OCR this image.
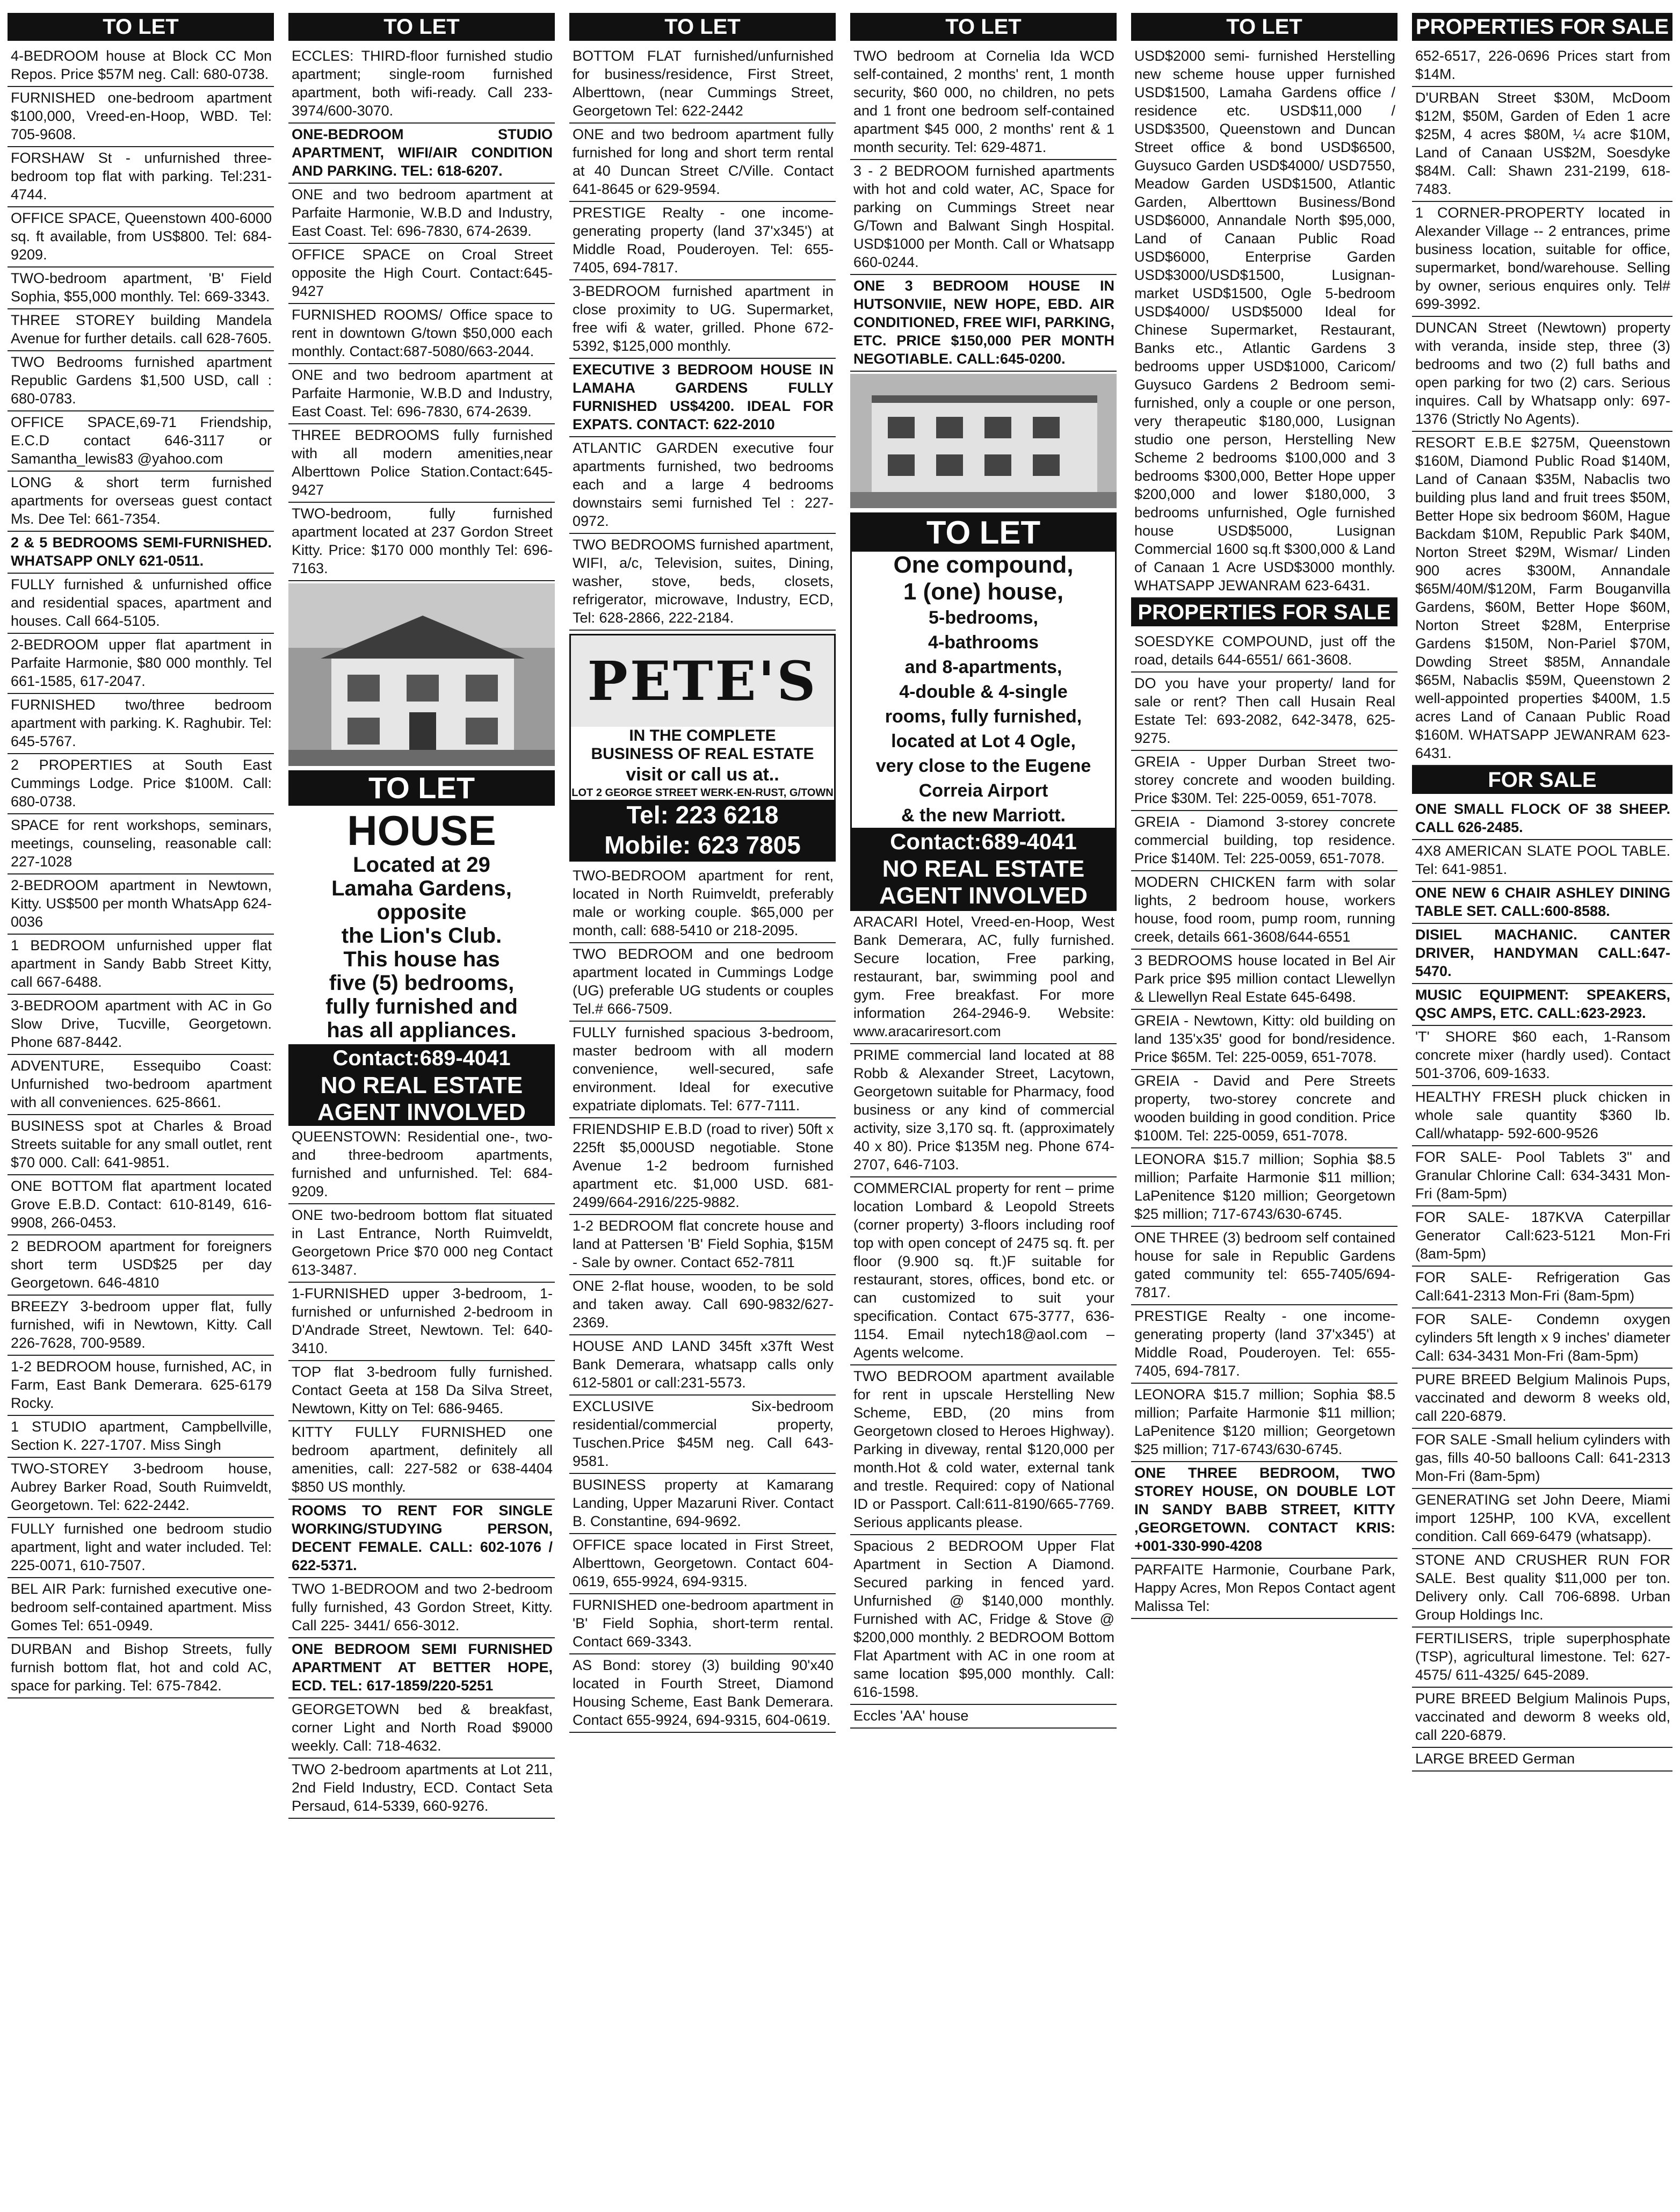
TO LET
4-BEDROOM house at Block CC Mon Repos. Price $57M neg. Call: 680-0738.
FURNISHED one-bedroom apartment $100,000, Vreed-en-Hoop, WBD. Tel: 705-9608.
FORSHAW St - unfurnished three-bedroom top flat with parking. Tel:231-4744.
OFFICE SPACE, Queenstown 400-6000 sq. ft available, from US$800. Tel: 684-9209.
TWO-bedroom apartment, 'B' Field Sophia, $55,000 monthly. Tel: 669-3343.
THREE STOREY building Mandela Avenue for further details. call 628-7605.
TWO Bedrooms furnished apartment Republic Gardens $1,500 USD, call : 680-0783.
OFFICE SPACE,69-71 Friendship, E.C.D contact 646-3117 or Samantha_lewis83 @yahoo.com
LONG & short term furnished apartments for overseas guest contact Ms. Dee Tel: 661-7354.
2 & 5 BEDROOMS SEMI-FURNISHED. WHATSAPP ONLY 621-0511.
FULLY furnished & unfurnished office and residential spaces, apartment and houses. Call 664-5105.
2-BEDROOM upper flat apartment in Parfaite Harmonie, $80 000 monthly. Tel 661-1585, 617-2047.
FURNISHED two/three bedroom apartment with parking. K. Raghubir. Tel: 645-5767.
2 PROPERTIES at South East Cummings Lodge. Price $100M. Call: 680-0738.
SPACE for rent workshops, seminars, meetings, counseling, reasonable call: 227-1028
2-BEDROOM apartment in Newtown, Kitty. US$500 per month WhatsApp 624-0036
1 BEDROOM unfurnished upper flat apartment in Sandy Babb Street Kitty, call 667-6488.
3-BEDROOM apartment with AC in Go Slow Drive, Tucville, Georgetown. Phone 687-8442.
ADVENTURE, Essequibo Coast: Unfurnished two-bedroom apartment with all conveniences. 625-8661.
BUSINESS spot at Charles & Broad Streets suitable for any small outlet, rent $70 000. Call: 641-9851.
ONE BOTTOM flat apartment located Grove E.B.D. Contact: 610-8149, 616-9908, 266-0453.
2 BEDROOM apartment for foreigners short term USD$25 per day Georgetown. 646-4810
BREEZY 3-bedroom upper flat, fully furnished, wifi in Newtown, Kitty. Call 226-7628, 700-9589.
1-2 BEDROOM house, furnished, AC, in Farm, East Bank Demerara. 625-6179 Rocky.
1 STUDIO apartment, Campbellville, Section K. 227-1707. Miss Singh
TWO-STOREY 3-bedroom house, Aubrey Barker Road, South Ruimveldt, Georgetown. Tel: 622-2442.
FULLY furnished one bedroom studio apartment, light and water included. Tel: 225-0071, 610-7507.
BEL AIR Park: furnished executive one-bedroom self-contained apartment. Miss Gomes Tel: 651-0949.
DURBAN and Bishop Streets, fully furnish bottom flat, hot and cold AC, space for parking. Tel: 675-7842.
TO LET
ECCLES: THIRD-floor furnished studio apartment; single-room furnished apartment, both wifi-ready. Call 233-3974/600-3070.
ONE-BEDROOM STUDIO APARTMENT, WIFI/AIR CONDITION AND PARKING. TEL: 618-6207.
ONE and two bedroom apartment at Parfaite Harmonie, W.B.D and Industry, East Coast. Tel: 696-7830, 674-2639.
OFFICE SPACE on Croal Street opposite the High Court. Contact:645-9427
FURNISHED ROOMS/ Office space to rent in downtown G/town $50,000 each monthly. Contact:687-5080/663-2044.
ONE and two bedroom apartment at Parfaite Harmonie, W.B.D and Industry, East Coast. Tel: 696-7830, 674-2639.
THREE BEDROOMS fully furnished with all modern amenities,near Alberttown Police Station.Contact:645-9427
TWO-bedroom, fully furnished apartment located at 237 Gordon Street Kitty. Price: $170 000 monthly Tel: 696-7163.
TO LET
HOUSE
Located at 29
Lamaha Gardens,
opposite
the Lion's Club.
This house has
five (5) bedrooms,
fully furnished and
has all appliances.
Contact:689-4041
NO REAL ESTATE
AGENT INVOLVED
QUEENSTOWN: Residential one-, two- and three-bedroom apartments, furnished and unfurnished. Tel: 684-9209.
ONE two-bedroom bottom flat situated in Last Entrance, North Ruimveldt, Georgetown Price $70 000 neg Contact 613-3487.
1-FURNISHED upper 3-bedroom, 1-furnished or unfurnished 2-bedroom in D'Andrade Street, Newtown. Tel: 640-3410.
TOP flat 3-bedroom fully furnished. Contact Geeta at 158 Da Silva Street, Newtown, Kitty on Tel: 686-9465.
KITTY FULLY FURNISHED one bedroom apartment, definitely all amenities, call: 227-582 or 638-4404 $850 US monthly.
ROOMS TO RENT FOR SINGLE WORKING/STUDYING PERSON, DECENT FEMALE. CALL: 602-1076 / 622-5371.
TWO 1-BEDROOM and two 2-bedroom fully furnished, 43 Gordon Street, Kitty. Call 225- 3441/ 656-3012.
ONE BEDROOM SEMI FURNISHED APARTMENT AT BETTER HOPE, ECD. TEL: 617-1859/220-5251
GEORGETOWN bed & breakfast, corner Light and North Road $9000 weekly. Call: 718-4632.
TWO 2-bedroom apartments at Lot 211, 2nd Field Industry, ECD. Contact Seta Persaud, 614-5339, 660-9276.
TO LET
BOTTOM FLAT furnished/unfurnished for business/residence, First Street, Alberttown, (near Cummings Street, Georgetown Tel: 622-2442
ONE and two bedroom apartment fully furnished for long and short term rental at 40 Duncan Street C/Ville. Contact 641-8645 or 629-9594.
PRESTIGE Realty - one income-generating property (land 37'x345') at Middle Road, Pouderoyen. Tel: 655-7405, 694-7817.
3-BEDROOM furnished apartment in close proximity to UG. Supermarket, free wifi & water, grilled. Phone 672-5392, $125,000 monthly.
EXECUTIVE 3 BEDROOM HOUSE IN LAMAHA GARDENS FULLY FURNISHED US$4200. IDEAL FOR EXPATS. CONTACT: 622-2010
ATLANTIC GARDEN executive four apartments furnished, two bedrooms each and a large 4 bedrooms downstairs semi furnished Tel : 227-0972.
TWO BEDROOMS furnished apartment, WIFI, a/c, Television, suites, Dining, washer, stove, beds, closets, refrigerator, microwave, Industry, ECD, Tel: 628-2866, 222-2184.
PETE'S
IN THE COMPLETE
BUSINESS OF REAL ESTATE
visit or call us at..
LOT 2 GEORGE STREET WERK-EN-RUST, G/TOWN
Tel: 223 6218
Mobile: 623 7805
TWO-BEDROOM apartment for rent, located in North Ruimveldt, preferably male or working couple. $65,000 per month, call: 688-5410 or 218-2095.
TWO BEDROOM and one bedroom apartment located in Cummings Lodge (UG) preferable UG students or couples Tel.# 666-7509.
FULLY furnished spacious 3-bedroom, master bedroom with all modern convenience, well-secured, safe environment. Ideal for executive expatriate diplomats. Tel: 677-7111.
FRIENDSHIP E.B.D (road to river) 50ft x 225ft $5,000USD negotiable. Stone Avenue 1-2 bedroom furnished apartment etc. $1,000 USD. 681-2499/664-2916/225-9882.
1-2 BEDROOM flat concrete house and land at Pattersen 'B' Field Sophia, $15M - Sale by owner. Contact 652-7811
ONE 2-flat house, wooden, to be sold and taken away. Call 690-9832/627-2369.
HOUSE AND LAND 345ft x37ft West Bank Demerara, whatsapp calls only 612-5801 or call:231-5573.
EXCLUSIVE Six-bedroom residential/commercial property, Tuschen.Price $45M neg. Call 643-9581.
BUSINESS property at Kamarang Landing, Upper Mazaruni River. Contact B. Constantine, 694-9692.
OFFICE space located in First Street, Alberttown, Georgetown. Contact 604-0619, 655-9924, 694-9315.
FURNISHED one-bedroom apartment in 'B' Field Sophia, short-term rental. Contact 669-3343.
AS Bond: storey (3) building 90'x40 located in Fourth Street, Diamond Housing Scheme, East Bank Demerara. Contact 655-9924, 694-9315, 604-0619.
TO LET
TWO bedroom at Cornelia Ida WCD self-contained, 2 months' rent, 1 month security, $60 000, no children, no pets and 1 front one bedroom self-contained apartment $45 000, 2 months' rent & 1 month security. Tel: 629-4871.
3 - 2 BEDROOM furnished apartments with hot and cold water, AC, Space for parking on Cummings Street near G/Town and Balwant Singh Hospital. USD$1000 per Month. Call or Whatsapp 660-0244.
ONE 3 BEDROOM HOUSE IN HUTSONVIIE, NEW HOPE, EBD. AIR CONDITIONED, FREE WIFI, PARKING, ETC. PRICE $150,000 PER MONTH NEGOTIABLE. CALL:645-0200.
TO LET
One compound,
1 (one) house,
5-bedrooms,
4-bathrooms
and 8-apartments,
4-double & 4-single
rooms, fully furnished,
located at Lot 4 Ogle,
very close to the Eugene
Correia Airport
& the new Marriott.
Contact:689-4041
NO REAL ESTATE
AGENT INVOLVED
ARACARI Hotel, Vreed-en-Hoop, West Bank Demerara, AC, fully furnished. Secure location, Free parking, restaurant, bar, swimming pool and gym. Free breakfast. For more information 264-2946-9. Website: www.aracariresort.com
PRIME commercial land located at 88 Robb & Alexander Street, Lacytown, Georgetown suitable for Pharmacy, food business or any kind of commercial activity, size 3,170 sq. ft. (approximately 40 x 80). Price $135M neg. Phone 674-2707, 646-7103.
COMMERCIAL property for rent – prime location Lombard & Leopold Streets (corner property) 3-floors including roof top with open concept of 2475 sq. ft. per floor (9.900 sq. ft.)F suitable for restaurant, stores, offices, bond etc. or can customized to suit your specification. Contact 675-3777, 636-1154. Email nytech18@aol.com – Agents welcome.
TWO BEDROOM apartment available for rent in upscale Herstelling New Scheme, EBD, (20 mins from Georgetown closed to Heroes Highway). Parking in diveway, rental $120,000 per month.Hot & cold water, external tank and trestle. Required: copy of National ID or Passport. Call:611-8190/665-7769. Serious applicants please.
Spacious 2 BEDROOM Upper Flat Apartment in Section A Diamond. Secured parking in fenced yard. Unfurnished @ $140,000 monthly. Furnished with AC, Fridge & Stove @ $200,000 monthly. 2 BEDROOM Bottom Flat Apartment with AC in one room at same location $95,000 monthly. Call: 616-1598.
Eccles 'AA' house
TO LET
USD$2000 semi- furnished Herstelling new scheme house upper furnished USD$1500, Lamaha Gardens office / residence etc. USD$11,000 / USD$3500, Queenstown and Duncan Street office & bond USD$6500, Guysuco Garden USD$4000/ USD7550, Meadow Garden USD$1500, Atlantic Garden, Alberttown Business/Bond USD$6000, Annandale North $95,000, Land of Canaan Public Road USD$6000, Enterprise Garden USD$3000/USD$1500, Lusignan-market USD$1500, Ogle 5-bedroom USD$4000/ USD$5000 Ideal for Chinese Supermarket, Restaurant, Banks etc., Atlantic Gardens 3 bedrooms upper USD$1000, Caricom/ Guysuco Gardens 2 Bedroom semi-furnished, only a couple or one person, very therapeutic $180,000, Lusignan studio one person, Herstelling New Scheme 2 bedrooms $100,000 and 3 bedrooms $300,000, Better Hope upper $200,000 and lower $180,000, 3 bedrooms unfurnished, Ogle furnished house USD$5000, Lusignan Commercial 1600 sq.ft $300,000 & Land of Canaan 1 Acre USD$3000 monthly. WHATSAPP JEWANRAM 623-6431.
PROPERTIES FOR SALE
SOESDYKE COMPOUND, just off the road, details 644-6551/ 661-3608.
DO you have your property/ land for sale or rent? Then call Husain Real Estate Tel: 693-2082, 642-3478, 625-9275.
GREIA - Upper Durban Street two-storey concrete and wooden building. Price $30M. Tel: 225-0059, 651-7078.
GREIA - Diamond 3-storey concrete commercial building, top residence. Price $140M. Tel: 225-0059, 651-7078.
MODERN CHICKEN farm with solar lights, 2 bedroom house, workers house, food room, pump room, running creek, details 661-3608/644-6551
3 BEDROOMS house located in Bel Air Park price $95 million contact Llewellyn & Llewellyn Real Estate 645-6498.
GREIA - Newtown, Kitty: old building on land 135'x35' good for bond/residence. Price $65M. Tel: 225-0059, 651-7078.
GREIA - David and Pere Streets property, two-storey concrete and wooden building in good condition. Price $100M. Tel: 225-0059, 651-7078.
LEONORA $15.7 million; Sophia $8.5 million; Parfaite Harmonie $11 million; LaPenitence $120 million; Georgetown $25 million; 717-6743/630-6745.
ONE THREE (3) bedroom self contained house for sale in Republic Gardens gated community tel: 655-7405/694-7817.
PRESTIGE Realty - one income-generating property (land 37'x345') at Middle Road, Pouderoyen. Tel: 655-7405, 694-7817.
LEONORA $15.7 million; Sophia $8.5 million; Parfaite Harmonie $11 million; LaPenitence $120 million; Georgetown $25 million; 717-6743/630-6745.
ONE THREE BEDROOM, TWO STOREY HOUSE, ON DOUBLE LOT IN SANDY BABB STREET, KITTY ,GEORGETOWN. CONTACT KRIS: +001-330-990-4208
PARFAITE Harmonie, Courbane Park, Happy Acres, Mon Repos Contact agent Malissa Tel:
PROPERTIES FOR SALE
652-6517, 226-0696 Prices start from $14M.
D'URBAN Street $30M, McDoom $12M, $50M, Garden of Eden 1 acre $25M, 4 acres $80M, ¼ acre $10M, Land of Canaan US$2M, Soesdyke $84M. Call: Shawn 231-2199, 618-7483.
1 CORNER-PROPERTY located in Alexander Village -- 2 entrances, prime business location, suitable for office, supermarket, bond/warehouse. Selling by owner, serious enquires only. Tel# 699-3992.
DUNCAN Street (Newtown) property with veranda, inside step, three (3) bedrooms and two (2) full baths and open parking for two (2) cars. Serious inquires. Call by Whatsapp only: 697-1376 (Strictly No Agents).
RESORT E.B.E $275M, Queenstown $160M, Diamond Public Road $140M, Land of Canaan $35M, Nabaclis two building plus land and fruit trees $50M, Better Hope six bedroom $60M, Hague Backdam $10M, Republic Park $40M, Norton Street $29M, Wismar/ Linden 900 acres $300M, Annandale $65M/40M/$120M, Farm Bouganvilla Gardens, $60M, Better Hope $60M, Norton Street $28M, Enterprise Gardens $150M, Non-Pariel $70M, Dowding Street $85M, Annandale $65M, Nabaclis $59M, Queenstown 2 well-appointed properties $400M, 1.5 acres Land of Canaan Public Road $160M. WHATSAPP JEWANRAM 623-6431.
FOR SALE
ONE SMALL FLOCK OF 38 SHEEP. CALL 626-2485.
4X8 AMERICAN SLATE POOL TABLE. Tel: 641-9851.
ONE NEW 6 CHAIR ASHLEY DINING TABLE SET. CALL:600-8588.
DISIEL MACHANIC. CANTER DRIVER, HANDYMAN CALL:647-5470.
MUSIC EQUIPMENT: SPEAKERS, QSC AMPS, ETC. CALL:623-2923.
'T' SHORE $60 each, 1-Ransom concrete mixer (hardly used). Contact 501-3706, 609-1633.
HEALTHY FRESH pluck chicken in whole sale quantity $360 lb. Call/whatapp- 592-600-9526
FOR SALE- Pool Tablets 3" and Granular Chlorine Call: 634-3431 Mon-Fri (8am-5pm)
FOR SALE- 187KVA Caterpillar Generator Call:623-5121 Mon-Fri (8am-5pm)
FOR SALE- Refrigeration Gas Call:641-2313 Mon-Fri (8am-5pm)
FOR SALE- Condemn oxygen cylinders 5ft length x 9 inches' diameter Call: 634-3431 Mon-Fri (8am-5pm)
PURE BREED Belgium Malinois Pups, vaccinated and deworm 8 weeks old, call 220-6879.
FOR SALE -Small helium cylinders with gas, fills 40-50 balloons Call: 641-2313 Mon-Fri (8am-5pm)
GENERATING set John Deere, Miami import 125HP, 100 KVA, excellent condition. Call 669-6479 (whatsapp).
STONE AND CRUSHER RUN FOR SALE. Best quality $11,000 per ton. Delivery only. Call 706-6898. Urban Group Holdings Inc.
FERTILISERS, triple superphosphate (TSP), agricultural limestone. Tel: 627-4575/ 611-4325/ 645-2089.
PURE BREED Belgium Malinois Pups, vaccinated and deworm 8 weeks old, call 220-6879.
LARGE BREED German
